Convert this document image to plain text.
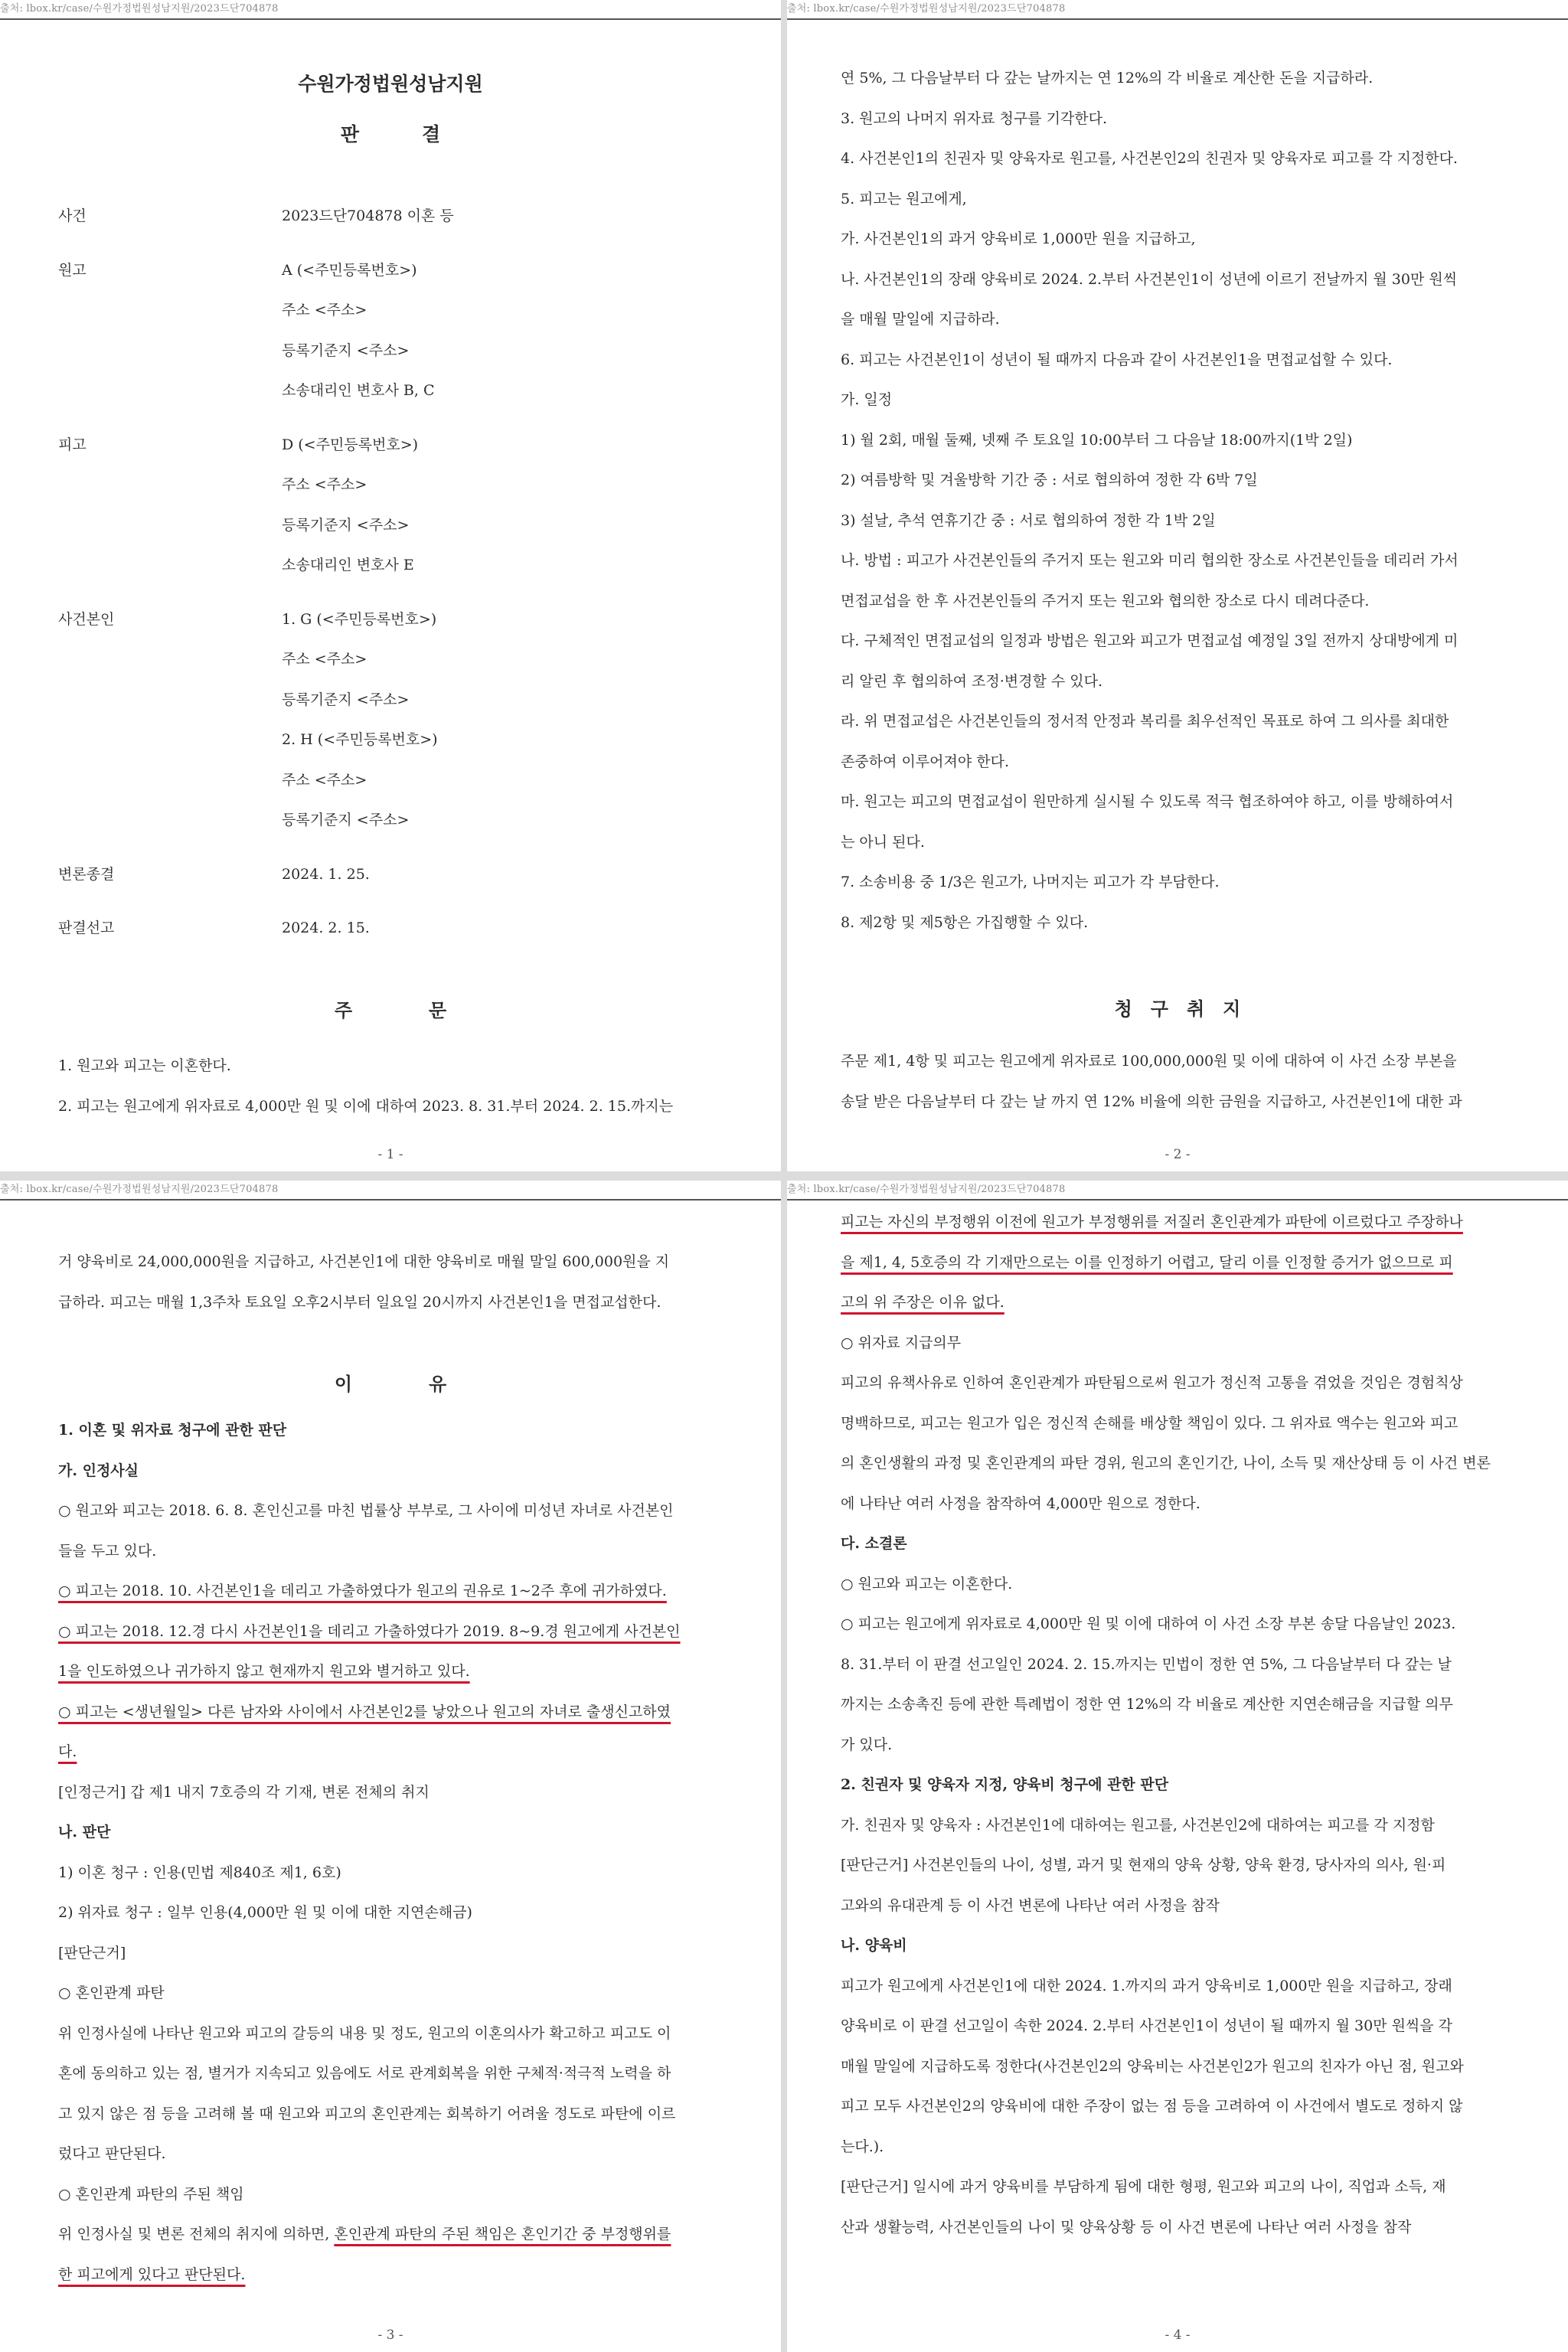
출처: lbox.kr/case/수원가정법원성남지원/2023드단704878
수원가정법원성남지원
판결
사건	2023드단704878 이혼 등
원고	A (<주민등록번호>)
주소 <주소>
등록기준지 <주소>
소송대리인 변호사 B, C
피고	D (<주민등록번호>)
주소 <주소>
등록기준지 <주소>
소송대리인 변호사 E
사건본인	1. G (<주민등록번호>)
주소 <주소>
등록기준지 <주소>
2. H (<주민등록번호>)
주소 <주소>
등록기준지 <주소>
변론종결	2024. 1. 25.
판결선고	2024. 2. 15.
주문

1. 원고와 피고는 이혼한다.

2. 피고는 원고에게 위자료로 4,000만 원 및 이에 대하여 2023. 8. 31.부터 2024. 2. 15.까지는

- 1 -
출처: lbox.kr/case/수원가정법원성남지원/2023드단704878

연 5%, 그 다음날부터 다 갚는 날까지는 연 12%의 각 비율로 계산한 돈을 지급하라.

3. 원고의 나머지 위자료 청구를 기각한다.

4. 사건본인1의 친권자 및 양육자로 원고를, 사건본인2의 친권자 및 양육자로 피고를 각 지정한다.

5. 피고는 원고에게,

가. 사건본인1의 과거 양육비로 1,000만 원을 지급하고,

나. 사건본인1의 장래 양육비로 2024. 2.부터 사건본인1이 성년에 이르기 전날까지 월 30만 원씩

을 매월 말일에 지급하라.

6. 피고는 사건본인1이 성년이 될 때까지 다음과 같이 사건본인1을 면접교섭할 수 있다.

가. 일정

1) 월 2회, 매월 둘째, 넷째 주 토요일 10:00부터 그 다음날 18:00까지(1박 2일)

2) 여름방학 및 겨울방학 기간 중 : 서로 협의하여 정한 각 6박 7일

3) 설날, 추석 연휴기간 중 : 서로 협의하여 정한 각 1박 2일

나. 방법 : 피고가 사건본인들의 주거지 또는 원고와 미리 협의한 장소로 사건본인들을 데리러 가서

면접교섭을 한 후 사건본인들의 주거지 또는 원고와 협의한 장소로 다시 데려다준다.

다. 구체적인 면접교섭의 일정과 방법은 원고와 피고가 면접교섭 예정일 3일 전까지 상대방에게 미

리 알린 후 협의하여 조정·변경할 수 있다.

라. 위 면접교섭은 사건본인들의 정서적 안정과 복리를 최우선적인 목표로 하여 그 의사를 최대한

존중하여 이루어져야 한다.

마. 원고는 피고의 면접교섭이 원만하게 실시될 수 있도록 적극 협조하여야 하고, 이를 방해하여서

는 아니 된다.

7. 소송비용 중 1/3은 원고가, 나머지는 피고가 각 부담한다.

8. 제2항 및 제5항은 가집행할 수 있다.

청구취지

주문 제1, 4항 및 피고는 원고에게 위자료로 100,000,000원 및 이에 대하여 이 사건 소장 부본을

송달 받은 다음날부터 다 갚는 날 까지 연 12% 비율에 의한 금원을 지급하고, 사건본인1에 대한 과

- 2 -
출처: lbox.kr/case/수원가정법원성남지원/2023드단704878

거 양육비로 24,000,000원을 지급하고, 사건본인1에 대한 양육비로 매월 말일 600,000원을 지

급하라. 피고는 매월 1,3주차 토요일 오후2시부터 일요일 20시까지 사건본인1을 면접교섭한다.

이유

1. 이혼 및 위자료 청구에 관한 판단

가. 인정사실

○ 원고와 피고는 2018. 6. 8. 혼인신고를 마친 법률상 부부로, 그 사이에 미성년 자녀로 사건본인

들을 두고 있다.

○ 피고는 2018. 10. 사건본인1을 데리고 가출하였다가 원고의 권유로 1~2주 후에 귀가하였다.

○ 피고는 2018. 12.경 다시 사건본인1을 데리고 가출하였다가 2019. 8~9.경 원고에게 사건본인

1을 인도하였으나 귀가하지 않고 현재까지 원고와 별거하고 있다.

○ 피고는 <생년월일> 다른 남자와 사이에서 사건본인2를 낳았으나 원고의 자녀로 출생신고하였

다.

[인정근거] 갑 제1 내지 7호증의 각 기재, 변론 전체의 취지

나. 판단

1) 이혼 청구 : 인용(민법 제840조 제1, 6호)

2) 위자료 청구 : 일부 인용(4,000만 원 및 이에 대한 지연손해금)

[판단근거]

○ 혼인관계 파탄

위 인정사실에 나타난 원고와 피고의 갈등의 내용 및 정도, 원고의 이혼의사가 확고하고 피고도 이

혼에 동의하고 있는 점, 별거가 지속되고 있음에도 서로 관계회복을 위한 구체적·적극적 노력을 하

고 있지 않은 점 등을 고려해 볼 때 원고와 피고의 혼인관계는 회복하기 어려울 정도로 파탄에 이르

렀다고 판단된다.

○ 혼인관계 파탄의 주된 책임

위 인정사실 및 변론 전체의 취지에 의하면, 혼인관계 파탄의 주된 책임은 혼인기간 중 부정행위를

한 피고에게 있다고 판단된다.

- 3 -
출처: lbox.kr/case/수원가정법원성남지원/2023드단704878

피고는 자신의 부정행위 이전에 원고가 부정행위를 저질러 혼인관계가 파탄에 이르렀다고 주장하나

을 제1, 4, 5호증의 각 기재만으로는 이를 인정하기 어렵고, 달리 이를 인정할 증거가 없으므로 피

고의 위 주장은 이유 없다.

○ 위자료 지급의무

피고의 유책사유로 인하여 혼인관계가 파탄됨으로써 원고가 정신적 고통을 겪었을 것임은 경험칙상

명백하므로, 피고는 원고가 입은 정신적 손해를 배상할 책임이 있다. 그 위자료 액수는 원고와 피고

의 혼인생활의 과정 및 혼인관계의 파탄 경위, 원고의 혼인기간, 나이, 소득 및 재산상태 등 이 사건 변론

에 나타난 여러 사정을 참작하여 4,000만 원으로 정한다.

다. 소결론

○ 원고와 피고는 이혼한다.

○ 피고는 원고에게 위자료로 4,000만 원 및 이에 대하여 이 사건 소장 부본 송달 다음날인 2023.

8. 31.부터 이 판결 선고일인 2024. 2. 15.까지는 민법이 정한 연 5%, 그 다음날부터 다 갚는 날

까지는 소송촉진 등에 관한 특례법이 정한 연 12%의 각 비율로 계산한 지연손해금을 지급할 의무

가 있다.

2. 친권자 및 양육자 지정, 양육비 청구에 관한 판단

가. 친권자 및 양육자 : 사건본인1에 대하여는 원고를, 사건본인2에 대하여는 피고를 각 지정함

[판단근거] 사건본인들의 나이, 성별, 과거 및 현재의 양육 상황, 양육 환경, 당사자의 의사, 원·피

고와의 유대관계 등 이 사건 변론에 나타난 여러 사정을 참작

나. 양육비

피고가 원고에게 사건본인1에 대한 2024. 1.까지의 과거 양육비로 1,000만 원을 지급하고, 장래

양육비로 이 판결 선고일이 속한 2024. 2.부터 사건본인1이 성년이 될 때까지 월 30만 원씩을 각

매월 말일에 지급하도록 정한다(사건본인2의 양육비는 사건본인2가 원고의 친자가 아닌 점, 원고와

피고 모두 사건본인2의 양육비에 대한 주장이 없는 점 등을 고려하여 이 사건에서 별도로 정하지 않

는다.).

[판단근거] 일시에 과거 양육비를 부담하게 됨에 대한 형평, 원고와 피고의 나이, 직업과 소득, 재

산과 생활능력, 사건본인들의 나이 및 양육상황 등 이 사건 변론에 나타난 여러 사정을 참작

- 4 -
